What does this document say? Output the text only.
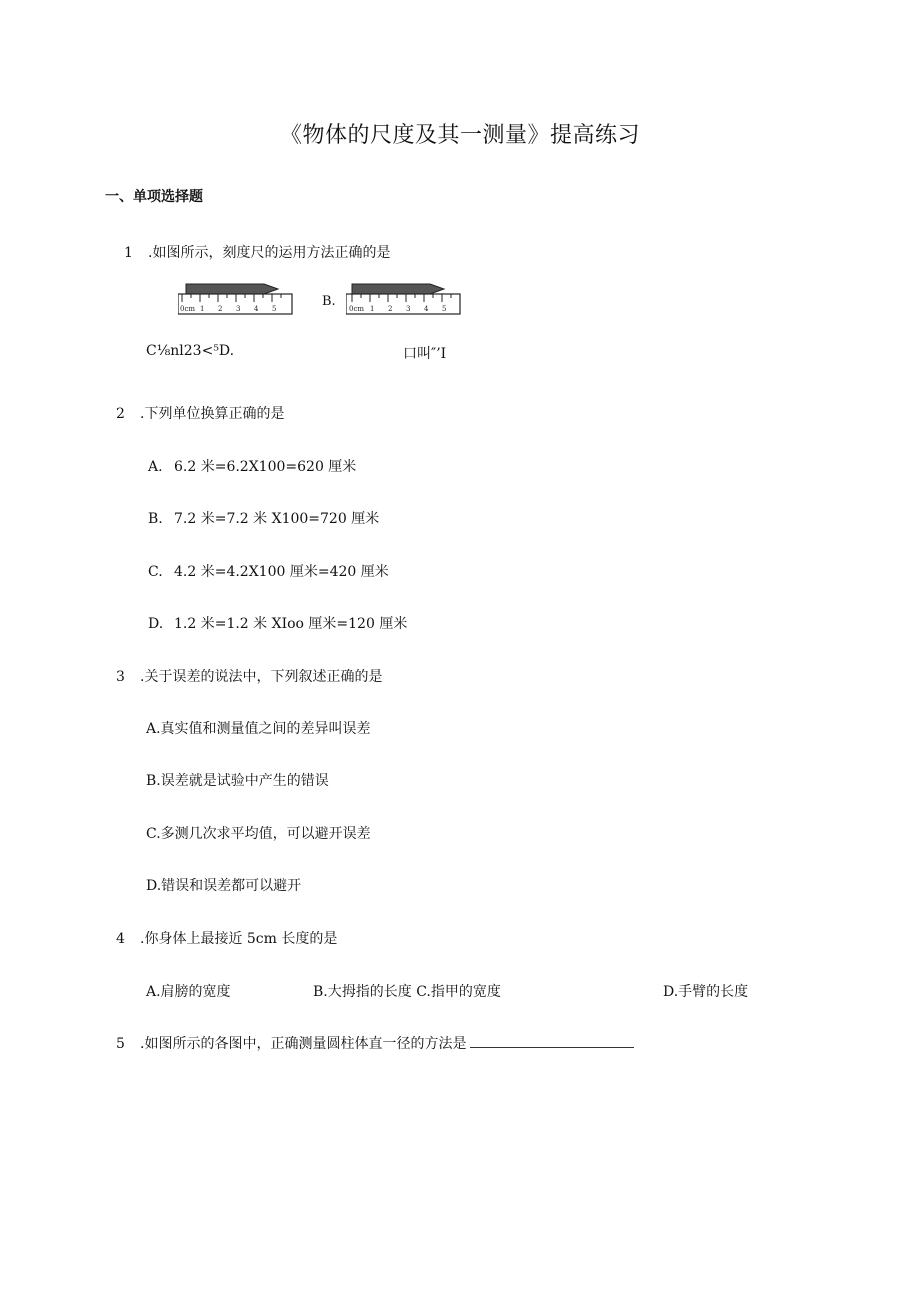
《物体的尺度及其一测量》提高练习
一、单项选择题
1 .如图所示，刻度尺的运用方法正确的是
0cm 1 2 3 4 5	B. 0cm 1 2 3 4 5
C⅛nl23<⁵D.	口叫″’I
2 .下列单位换算正确的是
A. 6.2 米=6.2X100=620 厘米
B. 7.2 米=7.2 米 X100=720 厘米
C. 4.2 米=4.2X100 厘米=420 厘米
D. 1.2 米=1.2 米 XIoo 厘米=120 厘米
3 .关于误差的说法中，下列叙述正确的是
A.真实值和测量值之间的差异叫误差
B.误差就是试验中产生的错误
C.多测几次求平均值，可以避开误差
D.错误和误差都可以避开
4 .你身体上最接近 5cm 长度的是
A.肩膀的宽度	B.大拇指的长度 C.指甲的宽度	D.手臂的长度
5 .如图所示的各图中，正确测量圆柱体直一径的方法是
